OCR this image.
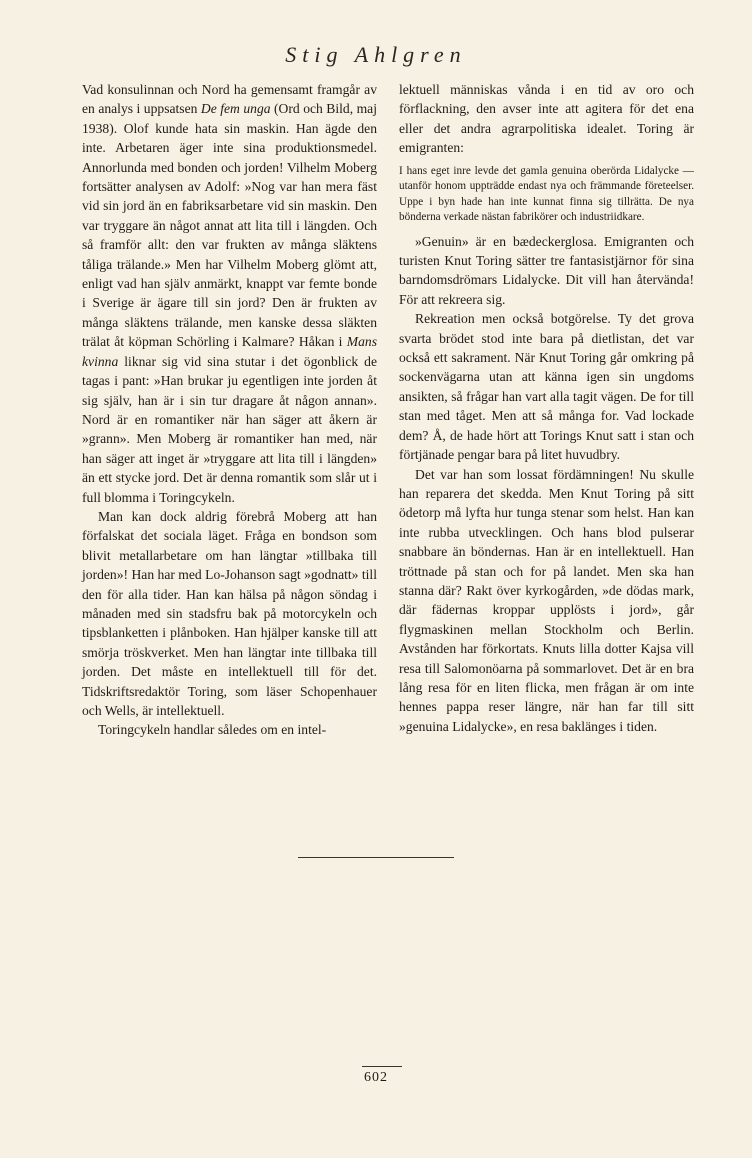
Stig Ahlgren

Vad konsulinnan och Nord ha gemensamt framgår av en analys i uppsatsen De fem unga (Ord och Bild, maj 1938). Olof kunde hata sin maskin. Han ägde den inte. Arbetaren äger inte sina produktionsmedel. Annorlunda med bonden och jorden! Vilhelm Moberg fortsätter analysen av Adolf: »Nog var han mera fäst vid sin jord än en fabriksarbetare vid sin maskin. Den var tryggare än något annat att lita till i längden. Och så framför allt: den var frukten av många släktens tåliga trälande.» Men har Vilhelm Moberg glömt att, enligt vad han själv anmärkt, knappt var femte bonde i Sverige är ägare till sin jord? Den är frukten av många släktens trälande, men kanske dessa släkten trälat åt köpman Schörling i Kalmare? Håkan i Mans kvinna liknar sig vid sina stutar i det ögonblick de tagas i pant: »Han brukar ju egentligen inte jorden åt sig själv, han är i sin tur dragare åt någon annan». Nord är en romantiker när han säger att åkern är »grann». Men Moberg är romantiker han med, när han säger att inget är »tryggare att lita till i längden» än ett stycke jord. Det är denna romantik som slår ut i full blomma i Toringcykeln.

Man kan dock aldrig förebrå Moberg att han förfalskat det sociala läget. Fråga en bondson som blivit metallarbetare om han längtar »tillbaka till jorden»! Han har med Lo-Johanson sagt »godnatt» till den för alla tider. Han kan hälsa på någon söndag i månaden med sin stadsfru bak på motorcykeln och tipsblanketten i plånboken. Han hjälper kanske till att smörja tröskverket. Men han längtar inte tillbaka till jorden. Det måste en intellektuell till för det. Tidskriftsredaktör Toring, som läser Schopenhauer och Wells, är intellektuell.

Toringcykeln handlar således om en intel-

lektuell människas vånda i en tid av oro och förflackning, den avser inte att agitera för det ena eller det andra agrarpolitiska idealet. Toring är emigranten:

I hans eget inre levde det gamla genuina oberörda Lidalycke — utanför honom uppträdde endast nya och främmande företeelser. Uppe i byn hade han inte kunnat finna sig tillrätta. De nya bönderna verkade nästan fabrikörer och industriidkare.

»Genuin» är en bædeckerglosa. Emigranten och turisten Knut Toring sätter tre fantasistjärnor för sina barndomsdrömars Lidalycke. Dit vill han återvända! För att rekreera sig.

Rekreation men också botgörelse. Ty det grova svarta brödet stod inte bara på dietlistan, det var också ett sakrament. När Knut Toring går omkring på sockenvägarna utan att känna igen sin ungdoms ansikten, så frågar han vart alla tagit vägen. De for till stan med tåget. Men att så många for. Vad lockade dem? Å, de hade hört att Torings Knut satt i stan och förtjänade pengar bara på litet huvudbry.

Det var han som lossat fördämningen! Nu skulle han reparera det skedda. Men Knut Toring på sitt ödetorp må lyfta hur tunga stenar som helst. Han kan inte rubba utvecklingen. Och hans blod pulserar snabbare än böndernas. Han är en intellektuell. Han tröttnade på stan och for på landet. Men ska han stanna där? Rakt över kyrkogården, »de dödas mark, där fädernas kroppar upplösts i jord», går flygmaskinen mellan Stockholm och Berlin. Avstånden har förkortats. Knuts lilla dotter Kajsa vill resa till Salomonöarna på sommarlovet. Det är en bra lång resa för en liten flicka, men frågan är om inte hennes pappa reser längre, när han far till sitt »genuina Lidalycke», en resa baklänges i tiden.

602
